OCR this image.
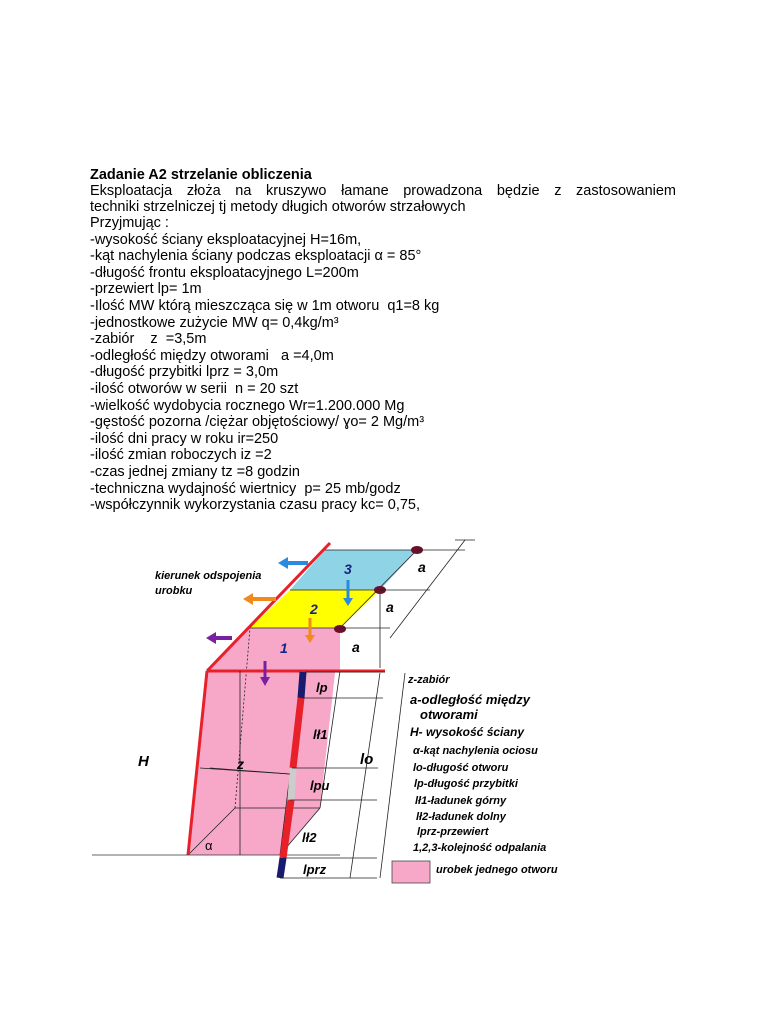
Zadanie A2 strzelanie obliczenia

Eksploatacja złoża na kruszywo łamane prowadzona będzie z zastosowaniem

techniki strzelniczej tj metody długich otworów strzałowych

Przyjmując :

-wysokość ściany eksploatacyjnej H=16m,

-kąt nachylenia ściany podczas eksploatacji α = 85°

-długość frontu eksploatacyjnego L=200m

-przewiert lp= 1m

-Ilość MW którą mieszcząca się w 1m otworu  q1=8 kg

-jednostkowe zużycie MW q= 0,4kg/m³

-zabiór    z  =3,5m

-odległość między otworami   a =4,0m

-długość przybitki lprz = 3,0m

-ilość otworów w serii  n = 20 szt

-wielkość wydobycia rocznego Wr=1.200.000 Mg

-gęstość pozorna /ciężar objętościowy/ ɣo= 2 Mg/m³

-ilość dni pracy w roku ir=250

-ilość zmian roboczych iz =2

-czas jednej zmiany tz =8 godzin

-techniczna wydajność wiertnicy  p= 25 mb/godz

-współczynnik wykorzystania czasu pracy kc= 0,75,

kierunek odspojenia
urobku
3
2
1
a
a
a
H	z	lo
α
lp
lł1
lpu
lł2
lprz
z-zabiór
a-odległość między
otworami
H- wysokość ściany
α-kąt nachylenia ociosu
lo-długość otworu
lp-długość przybitki
lł1-ładunek górny
lł2-ładunek dolny
lprz-przewiert
1,2,3-kolejność odpalania
urobek jednego otworu
